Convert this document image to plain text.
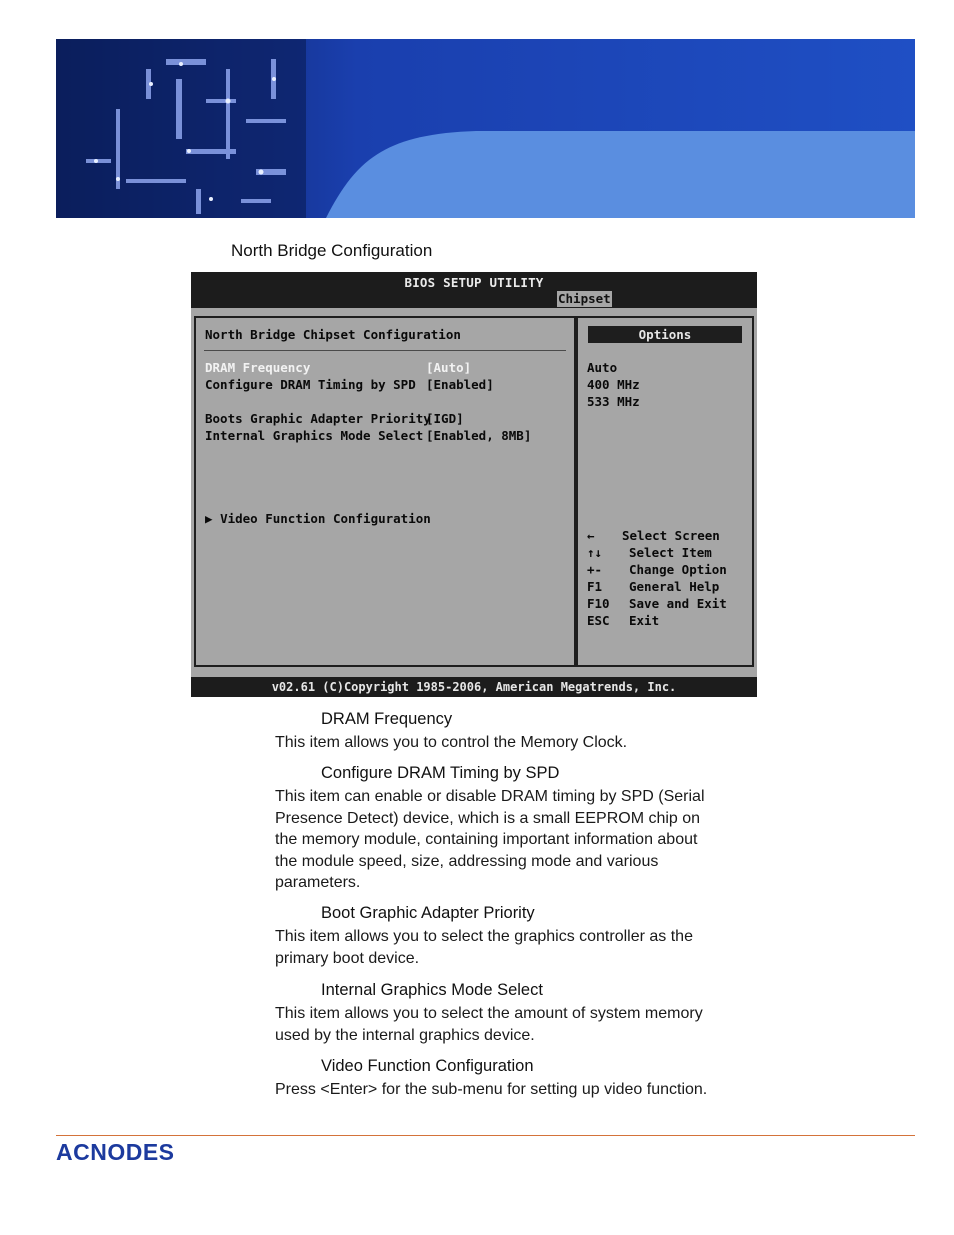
North Bridge Configuration
BIOS SETUP UTILITY
Chipset
North Bridge Chipset Configuration
DRAM Frequency	[Auto]
Configure DRAM Timing by SPD [Enabled]
Boots Graphic Adapter Priority
[IGD]
Internal Graphics Mode Select [Enabled, 8MB]
▶ Video Function Configuration
Options
Auto
400 MHz
533 MHz
← Select Screen
↑↓ Select Item
+- Change Option
F1 General Help
F10 Save and Exit
ESC Exit
v02.61 (C)Copyright 1985-2006, American Megatrends, Inc.
DRAM Frequency
This item allows you to control the Memory Clock.
Configure DRAM Timing by SPD
This item can enable or disable DRAM timing by SPD (Serial
Presence Detect) device, which is a small EEPROM chip on
the memory module, containing important information about
the module speed, size, addressing mode and various
parameters.
Boot Graphic Adapter Priority
This item allows you to select the graphics controller as the
primary boot device.
Internal Graphics Mode Select
This item allows you to select the amount of system memory
used by the internal graphics device.
Video Function Configuration
Press <Enter> for the sub-menu for setting up video function.
ACNODES
